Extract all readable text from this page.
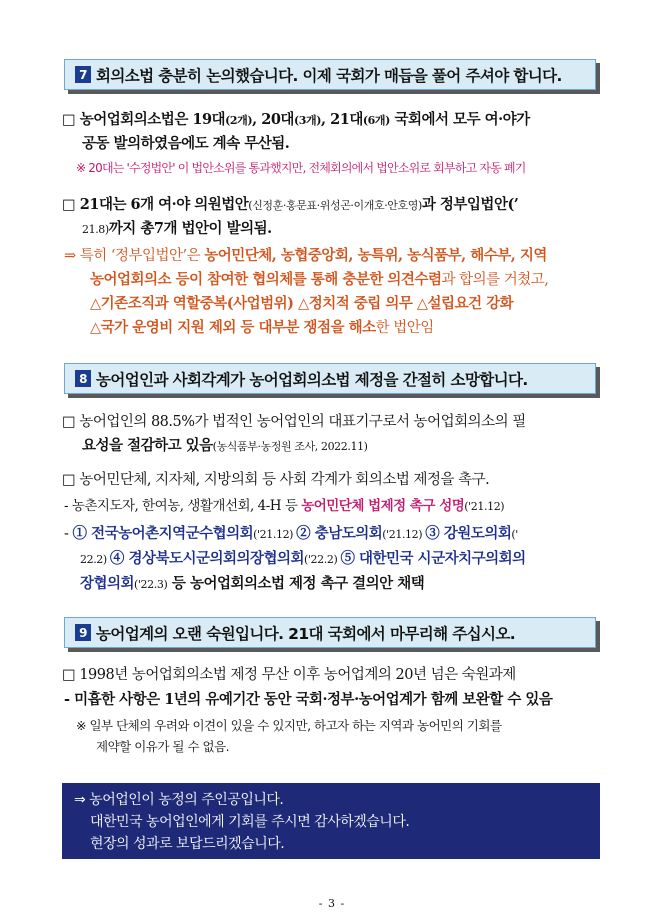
7 회의소법 충분히 논의했습니다. 이제 국회가 매듭을 풀어 주셔야 합니다.
□ 농어업회의소법은 19대(2개), 20대(3개), 21대(6개) 국회에서 모두 여·야가
공동 발의하였음에도 계속 무산됨.
※ 20대는 '수정법안' 이 법안소위를 통과했지만, 전체회의에서 법안소위로 회부하고 자동 폐기
□ 21대는 6개 여·야 의원법안(신정훈·홍문표·위성곤·이개호·안호영)과 정부입법안(’
21.8)까지 총7개 법안이 발의됨.
⇒ 특히 ‘정부입법안’은 농어민단체, 농협중앙회, 농특위, 농식품부, 해수부, 지역
농어업회의소 등이 참여한 협의체를 통해 충분한 의견수렴과 합의를 거쳤고,
△기존조직과 역할중복(사업범위) △정치적 중립 의무 △설립요건 강화
△국가 운영비 지원 제외 등 대부분 쟁점을 해소한 법안임
8 농어업인과 사회각계가 농어업회의소법 제정을 간절히 소망합니다.
□ 농어업인의 88.5%가 법적인 농어업인의 대표기구로서 농어업회의소의 필
요성을 절감하고 있음(농식품부·농정원 조사, 2022.11)
□ 농어민단체, 지자체, 지방의회 등 사회 각계가 회의소법 제정을 촉구.
- 농촌지도자, 한여농, 생활개선회, 4-H 등 농어민단체 법제정 촉구 성명('21.12)
- ① 전국농어촌지역군수협의회('21.12) ② 충남도의회('21.12) ③ 강원도의회('
22.2) ④ 경상북도시군의회의장협의회('22.2) ⑤ 대한민국 시군자치구의회의
장협의회('22.3) 등 농어업회의소법 제정 촉구 결의안 채택
9 농어업계의 오랜 숙원입니다. 21대 국회에서 마무리해 주십시오.
□ 1998년 농어업회의소법 제정 무산 이후 농어업계의 20년 넘은 숙원과제
- 미흡한 사항은 1년의 유예기간 동안 국회·정부·농어업계가 함께 보완할 수 있음
※ 일부 단체의 우려와 이견이 있을 수 있지만, 하고자 하는 지역과 농어민의 기회를
제약할 이유가 될 수 없음.
⇒ 농어업인이 농정의 주인공입니다.
대한민국 농어업인에게 기회를 주시면 감사하겠습니다.
현장의 성과로 보답드리겠습니다.
- 3 -
